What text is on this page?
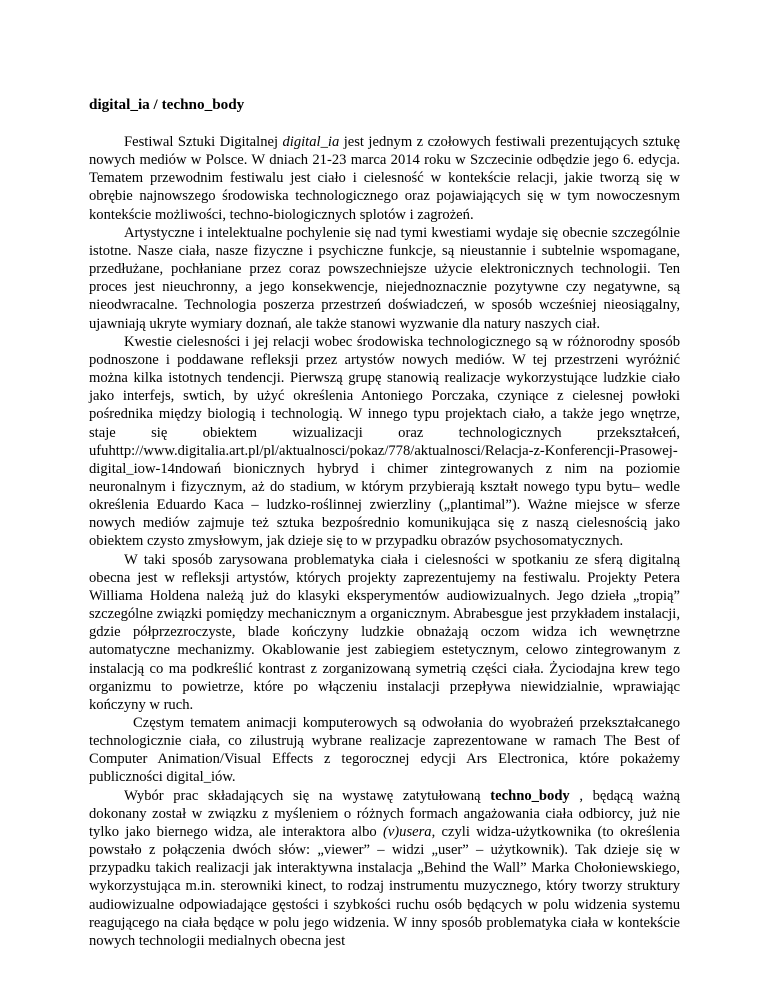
digital_ia / techno_body

Festiwal Sztuki Digitalnej digital_ia jest jednym z czołowych festiwali prezentujących sztukę nowych mediów w Polsce. W dniach 21-23 marca 2014 roku w Szczecinie odbędzie jego 6. edycja. Tematem przewodnim festiwalu jest ciało i cielesność w kontekście relacji, jakie tworzą się w obrębie najnowszego środowiska technologicznego oraz pojawiających się w tym nowoczesnym kontekście możliwości, techno-biologicznych splotów i zagrożeń.

Artystyczne i intelektualne pochylenie się nad tymi kwestiami wydaje się obecnie szczególnie istotne. Nasze ciała, nasze fizyczne i psychiczne funkcje, są nieustannie i subtelnie wspomagane, przedłużane, pochłaniane przez coraz powszechniejsze użycie elektronicznych technologii. Ten proces jest nieuchronny, a jego konsekwencje, niejednoznacznie pozytywne czy negatywne, są nieodwracalne. Technologia poszerza przestrzeń doświadczeń, w sposób wcześniej nieosiągalny, ujawniają ukryte wymiary doznań, ale także stanowi wyzwanie dla natury naszych ciał.

Kwestie cielesności i jej relacji wobec środowiska technologicznego są w różnorodny sposób podnoszone i poddawane refleksji przez artystów nowych mediów. W tej przestrzeni wyróżnić można kilka istotnych tendencji. Pierwszą grupę stanowią realizacje wykorzystujące ludzkie ciało jako interfejs, swtich, by użyć określenia Antoniego Porczaka, czyniące z cielesnej powłoki pośrednika między biologią i technologią. W innego typu projektach ciało, a także jego wnętrze, staje się obiektem wizualizacji oraz technologicznych przekształceń, ufuhttp://www.digitalia.art.pl/pl/aktualnosci/pokaz/778/aktualnosci/Relacja-z-Konferencji-Prasowej-digital_iow-14ndowań bionicznych hybryd i chimer zintegrowanych z nim na poziomie neuronalnym i fizycznym, aż do stadium, w którym przybierają kształt nowego typu bytu– wedle określenia Eduardo Kaca – ludzko-roślinnej zwierzliny („plantimal”). Ważne miejsce w sferze nowych mediów zajmuje też sztuka bezpośrednio komunikująca się z naszą cielesnością jako obiektem czysto zmysłowym, jak dzieje się to w przypadku obrazów psychosomatycznych.

W taki sposób zarysowana problematyka ciała i cielesności w spotkaniu ze sferą digitalną obecna jest w refleksji artystów, których projekty zaprezentujemy na festiwalu. Projekty Petera Williama Holdena należą już do klasyki eksperymentów audiowizualnych. Jego dzieła „tropią” szczególne związki pomiędzy mechanicznym a organicznym. Abrabesgue jest przykładem instalacji, gdzie półprzezroczyste, blade kończyny ludzkie obnażają oczom widza ich wewnętrzne automatyczne mechanizmy. Okablowanie jest zabiegiem estetycznym, celowo zintegrowanym z instalacją co ma podkreślić kontrast z zorganizowaną symetrią części ciała. Życiodajna krew tego organizmu to powietrze, które po włączeniu instalacji przepływa niewidzialnie, wprawiając kończyny w ruch.

Częstym tematem animacji komputerowych są odwołania do wyobrażeń przekształcanego technologicznie ciała, co zilustrują wybrane realizacje zaprezentowane w ramach The Best of Computer Animation/Visual Effects z tegorocznej edycji Ars Electronica, które pokażemy publiczności digital_iów.

Wybór prac składających się na wystawę zatytułowaną techno_body , będącą ważną dokonany został w związku z myśleniem o różnych formach angażowania ciała odbiorcy, już nie tylko jako biernego widza, ale interaktora albo (v)usera, czyli widza-użytkownika (to określenia powstało z połączenia dwóch słów: „viewer” – widzi „user” – użytkownik). Tak dzieje się w przypadku takich realizacji jak interaktywna instalacja „Behind the Wall” Marka Chołoniewskiego, wykorzystująca m.in. sterowniki kinect, to rodzaj instrumentu muzycznego, który tworzy struktury audiowizualne odpowiadające gęstości i szybkości ruchu osób będących w polu widzenia systemu reagującego na ciała będące w polu jego widzenia. W inny sposób problematyka ciała w kontekście nowych technologii medialnych obecna jest
